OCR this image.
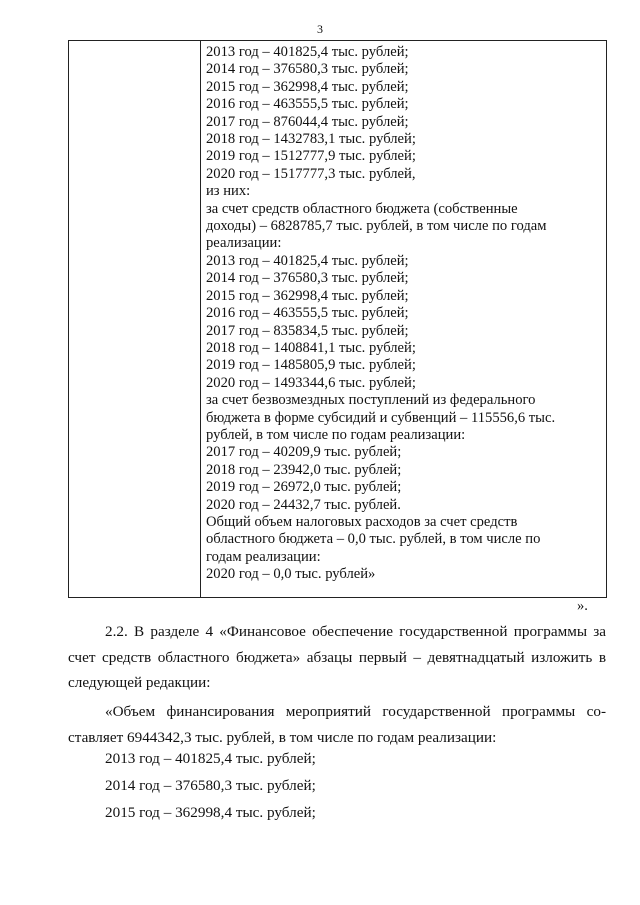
3
2013 год – 401825,4 тыс. рублей;
2014 год – 376580,3 тыс. рублей;
2015 год – 362998,4 тыс. рублей;
2016 год – 463555,5 тыс. рублей;
2017 год – 876044,4 тыс. рублей;
2018 год – 1432783,1 тыс. рублей;
2019 год – 1512777,9 тыс. рублей;
2020 год – 1517777,3 тыс. рублей,
из них:
за счет средств областного бюджета (собственные
доходы) – 6828785,7 тыс. рублей, в том числе по годам
реализации:
2013 год – 401825,4 тыс. рублей;
2014 год – 376580,3 тыс. рублей;
2015 год – 362998,4 тыс. рублей;
2016 год – 463555,5 тыс. рублей;
2017 год – 835834,5 тыс. рублей;
2018 год – 1408841,1 тыс. рублей;
2019 год – 1485805,9 тыс. рублей;
2020 год – 1493344,6 тыс. рублей;
за счет безвозмездных поступлений из федерального
бюджета в форме субсидий и субвенций – 115556,6 тыс.
рублей, в том числе по годам реализации:
2017 год – 40209,9 тыс. рублей;
2018 год – 23942,0 тыс. рублей;
2019 год – 26972,0 тыс. рублей;
2020 год – 24432,7 тыс. рублей.
Общий объем налоговых расходов за счет средств
областного бюджета – 0,0 тыс. рублей, в том числе по
годам реализации:
2020 год – 0,0 тыс. рублей»
».
2.2. В разделе 4 «Финансовое обеспечение государственной программы за
счет средств областного бюджета» абзацы первый – девятнадцатый изложить в
следующей редакции:
«Объем финансирования мероприятий государственной программы со-
ставляет 6944342,3 тыс. рублей, в том числе по годам реализации:
2013 год – 401825,4 тыс. рублей;
2014 год – 376580,3 тыс. рублей;
2015 год – 362998,4 тыс. рублей;
